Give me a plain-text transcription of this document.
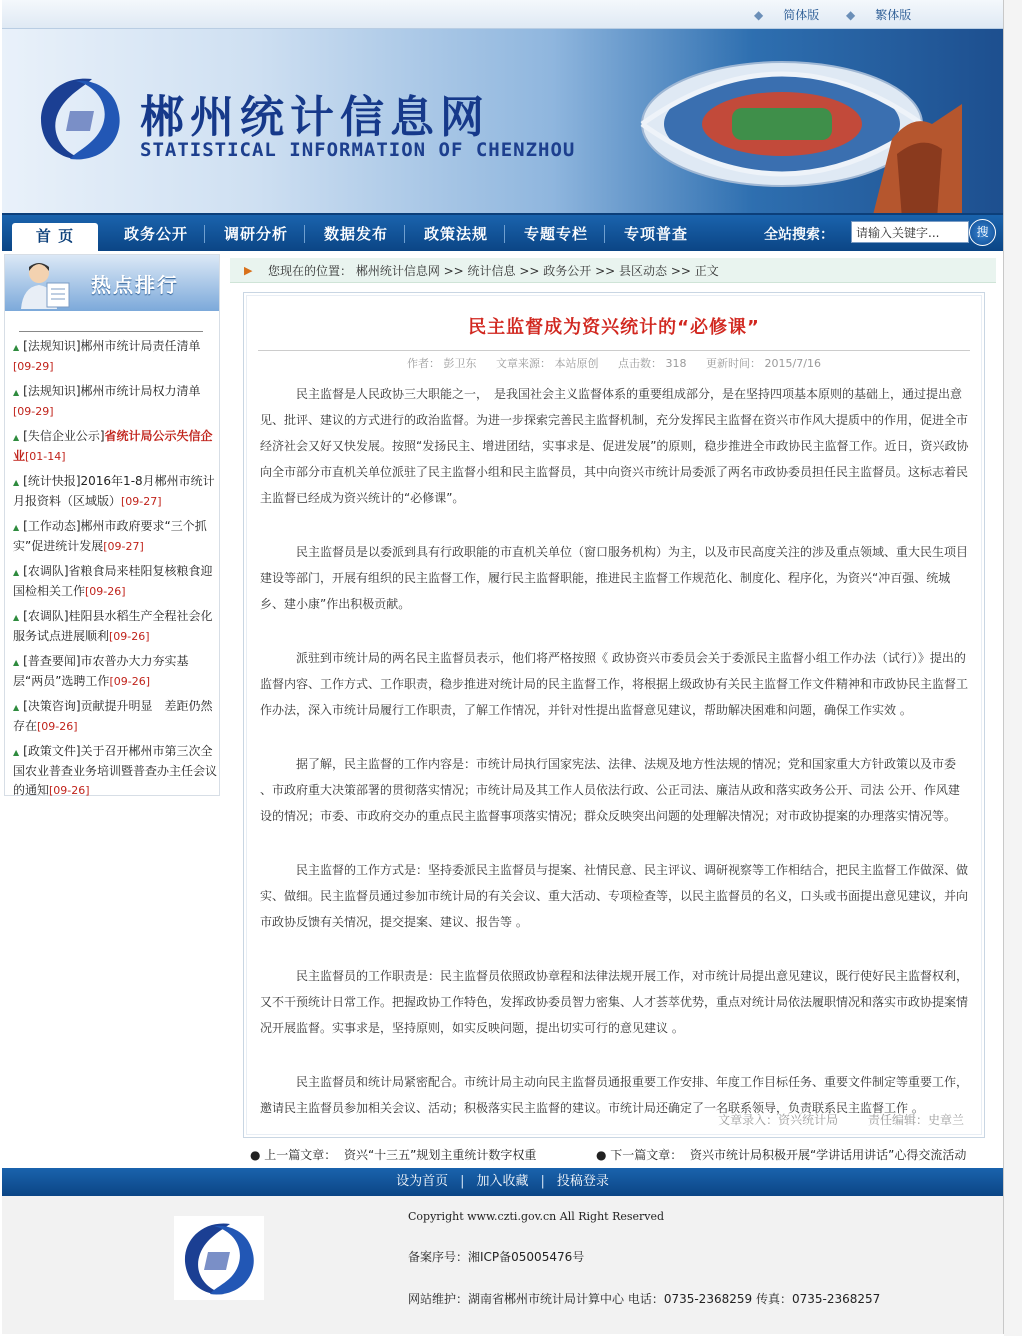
◆ 简体版 ◆ 繁体版
郴州统计信息网
STATISTICAL INFORMATION OF CHENZHOU
首 页	政务公开 调研分析 数据发布 政策法规 专题专栏 专项普查	全站搜索：
请输入关键字...	搜
热点排行
▲ [法规知识]郴州市统计局责任清单
[09-29]
▲ [法规知识]郴州市统计局权力清单
[09-29]
▲ [失信企业公示]省统计局公示失信企业[01-14]
▲ [统计快报]2016年1-8月郴州市统计月报资料（区域版）[09-27]
▲ [工作动态]郴州市政府要求“三个抓实”促进统计发展[09-27]
▲ [农调队]省粮食局来桂阳复核粮食迎国检相关工作[09-26]
▲ [农调队]桂阳县水稻生产全程社会化服务试点进展顺利[09-26]
▲ [普查要闻]市农普办大力夯实基层“两员”选聘工作[09-26]
▲ [决策咨询]贡献提升明显　差距仍然存在[09-26]
▲ [政策文件]关于召开郴州市第三次全国农业普查业务培训暨普查办主任会议的通知[09-26]
▶ 您现在的位置： 郴州统计信息网 >> 统计信息 >> 政务公开 >> 县区动态 >> 正文
民主监督成为资兴统计的“必修课”
作者： 彭卫东 文章来源： 本站原创 点击数： 318 更新时间： 2015/7/16

民主监督是人民政协三大职能之一，　是我国社会主义监督体系的重要组成部分，是在坚持四项基本原则的基础上，通过提出意见、批评、建议的方式进行的政治监督。为进一步探索完善民主监督机制，充分发挥民主监督在资兴市作风大提质中的作用，促进全市经济社会又好又快发展。按照“发扬民主、增进团结，实事求是、促进发展”的原则，稳步推进全市政协民主监督工作。近日，资兴政协向全市部分市直机关单位派驻了民主监督小组和民主监督员，其中向资兴市统计局委派了两名市政协委员担任民主监督员。这标志着民主监督已经成为资兴统计的“必修课”。

民主监督员是以委派到具有行政职能的市直机关单位（窗口服务机构）为主，以及市民高度关注的涉及重点领域、重大民生项目建设等部门，开展有组织的民主监督工作，履行民主监督职能，推进民主监督工作规范化、制度化、程序化，为资兴“冲百强、统城乡、建小康”作出积极贡献。

派驻到市统计局的两名民主监督员表示，他们将严格按照《 政协资兴市委员会关于委派民主监督小组工作办法（试行）》提出的监督内容、工作方式、工作职责，稳步推进对统计局的民主监督工作，将根据上级政协有关民主监督工作文件精神和市政协民主监督工作办法，深入市统计局履行工作职责，了解工作情况，并针对性提出监督意见建议，帮助解决困难和问题，确保工作实效 。

据了解，民主监督的工作内容是：市统计局执行国家宪法、法律、法规及地方性法规的情况；党和国家重大方针政策以及市委 、市政府重大决策部署的贯彻落实情况；市统计局及其工作人员依法行政、公正司法、廉洁从政和落实政务公开、司法 公开、作风建设的情况；市委、市政府交办的重点民主监督事项落实情况；群众反映突出问题的处理解决情况；对市政协提案的办理落实情况等。

民主监督的工作方式是：坚持委派民主监督员与提案、社情民意、民主评议、调研视察等工作相结合，把民主监督工作做深、做实、做细。民主监督员通过参加市统计局的有关会议、重大活动、专项检查等，以民主监督员的名义，口头或书面提出意见建议，并向市政协反馈有关情况，提交提案、建议、报告等 。

民主监督员的工作职责是：民主监督员依照政协章程和法律法规开展工作，对市统计局提出意见建议，既行使好民主监督权利，　又不干预统计日常工作。把握政协工作特色，发挥政协委员智力密集、人才荟萃优势，重点对统计局依法履职情况和落实市政协提案情况开展监督。实事求是，坚持原则，如实反映问题，提出切实可行的意见建议 。

民主监督员和统计局紧密配合。市统计局主动向民主监督员通报重要工作安排、年度工作目标任务、重要文件制定等重要工作，邀请民主监督员参加相关会议、活动；积极落实民主监督的建议。市统计局还确定了一名联系领导，负责联系民主监督工作 。

文章录入：资兴统计局 责任编辑：史章兰
● 上一篇文章： 资兴“十三五”规划主重统计数字权重	● 下一篇文章： 资兴市统计局积极开展“学讲话用讲话”心得交流活动
设为首页 | 加入收藏 | 投稿登录
Copyright www.czti.gov.cn All Right Reserved
备案序号：湘ICP备05005476号
网站维护：湖南省郴州市统计局计算中心 电话：0735-2368259 传真：0735-2368257
